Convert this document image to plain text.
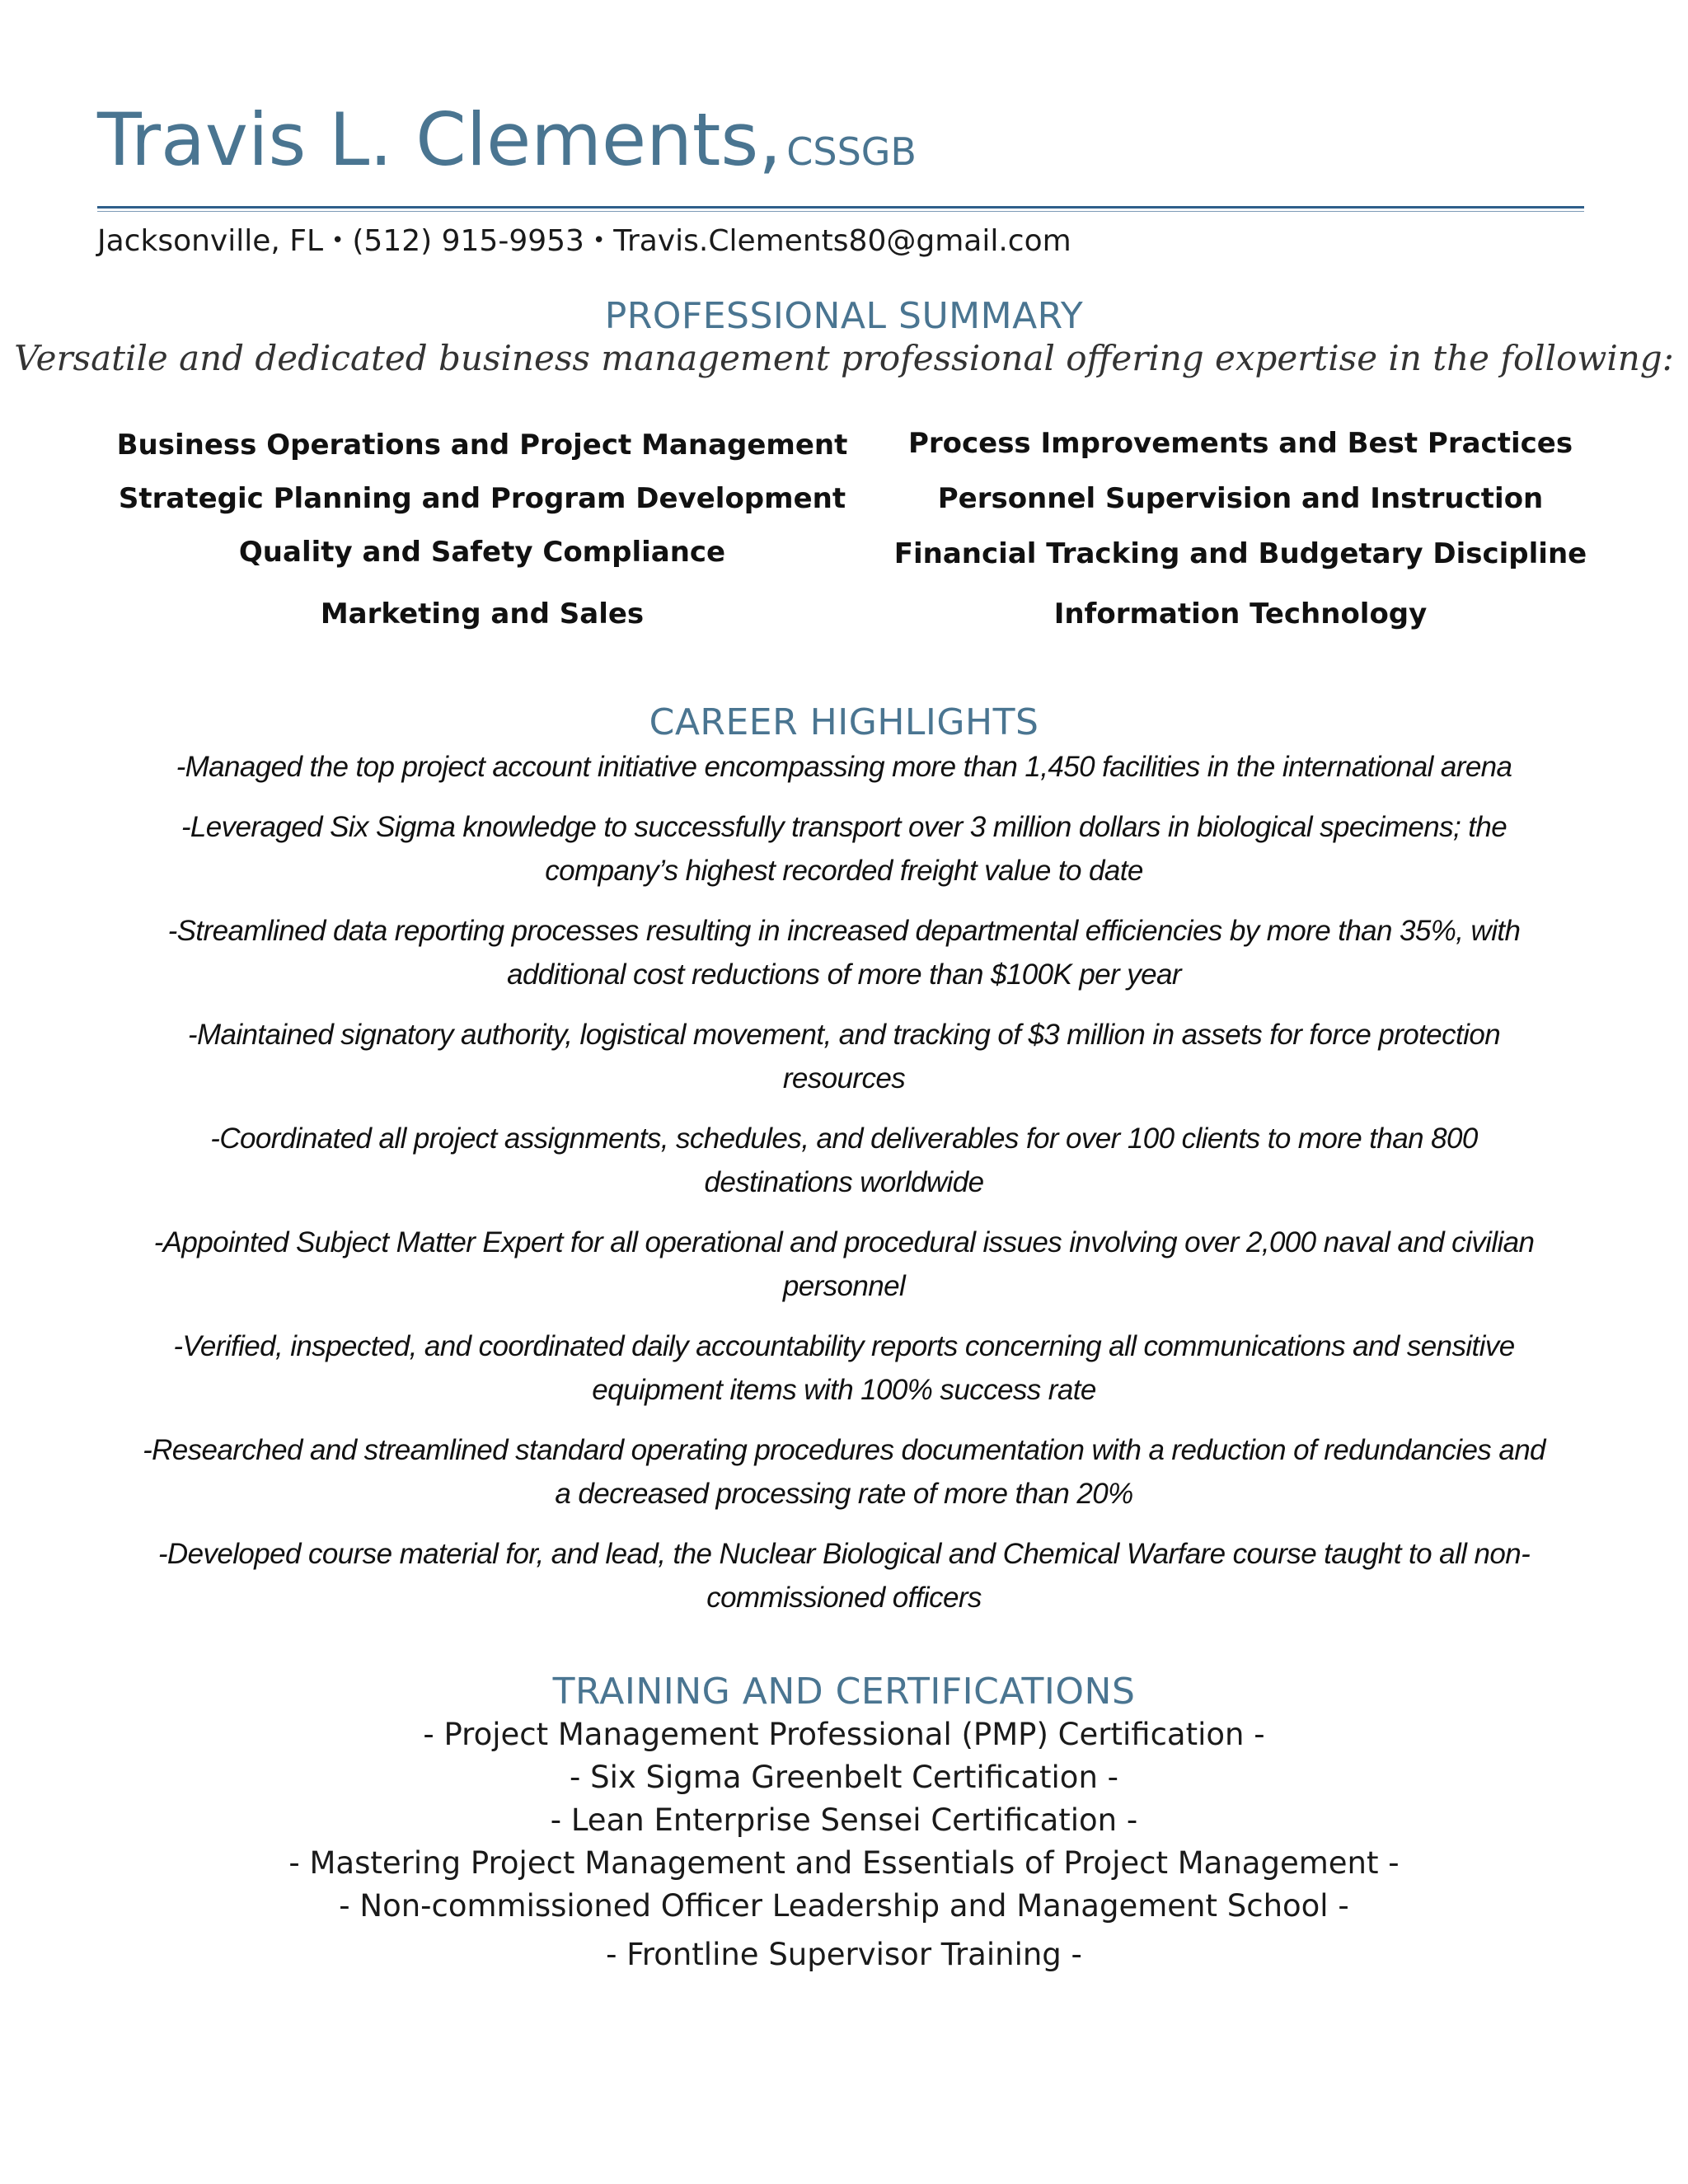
Travis L. Clements, CSSGB
Jacksonville, FL • (512) 915-9953 • Travis.Clements80@gmail.com
PROFESSIONAL SUMMARY
Versatile and dedicated business management professional offering expertise in the following:
Business Operations and Project Management
Strategic Planning and Program Development
Quality and Safety Compliance
Marketing and Sales
Process Improvements and Best Practices
Personnel Supervision and Instruction
Financial Tracking and Budgetary Discipline
Information Technology
CAREER HIGHLIGHTS
-Managed the top project account initiative encompassing more than 1,450 facilities in the international arena
-Leveraged Six Sigma knowledge to successfully transport over 3 million dollars in biological specimens; the company’s highest recorded freight value to date
-Streamlined data reporting processes resulting in increased departmental efficiencies by more than 35%, with additional cost reductions of more than $100K per year
-Maintained signatory authority, logistical movement, and tracking of $3 million in assets for force protection resources
-Coordinated all project assignments, schedules, and deliverables for over 100 clients to more than 800 destinations worldwide
-Appointed Subject Matter Expert for all operational and procedural issues involving over 2,000 naval and civilian personnel
-Verified, inspected, and coordinated daily accountability reports concerning all communications and sensitive equipment items with 100% success rate
-Researched and streamlined standard operating procedures documentation with a reduction of redundancies and a decreased processing rate of more than 20%
-Developed course material for, and lead, the Nuclear Biological and Chemical Warfare course taught to all non-commissioned officers
TRAINING AND CERTIFICATIONS
- Project Management Professional (PMP) Certification -
- Six Sigma Greenbelt Certification -
- Lean Enterprise Sensei Certification -
- Mastering Project Management and Essentials of Project Management -
- Non-commissioned Officer Leadership and Management School -
- Frontline Supervisor Training -
